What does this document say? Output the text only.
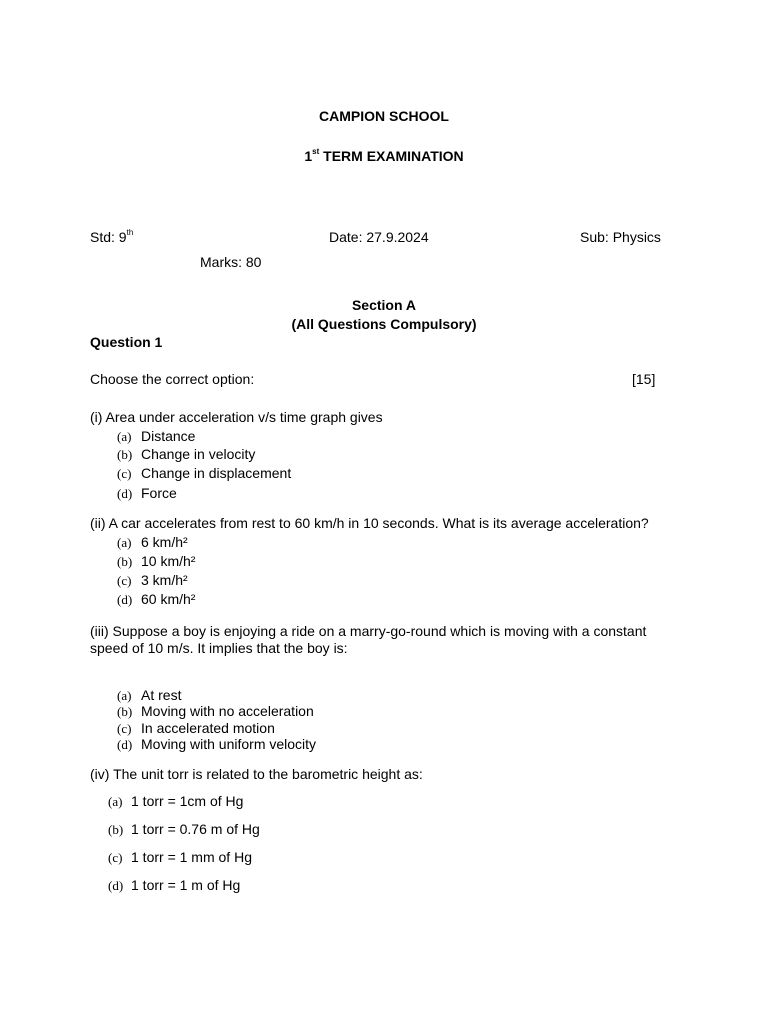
CAMPION SCHOOL
1st TERM EXAMINATION
Std: 9th	Date: 27.9.2024	Sub: Physics
Marks: 80
Section A
(All Questions Compulsory)
Question 1
Choose the correct option:	[15]
(i) Area under acceleration v/s time graph gives
(a) Distance
(b) Change in velocity
(c) Change in displacement
(d) Force
(ii) A car accelerates from rest to 60 km/h in 10 seconds. What is its average acceleration?
(a) 6 km/h²
(b) 10 km/h²
(c) 3 km/h²
(d) 60 km/h²
(iii) Suppose a boy is enjoying a ride on a marry-go-round which is moving with a constant speed of 10 m/s. It implies that the boy is:
(a) At rest
(b) Moving with no acceleration
(c) In accelerated motion
(d) Moving with uniform velocity
(iv) The unit torr is related to the barometric height as:
(a) 1 torr = 1cm of Hg
(b) 1 torr = 0.76 m of Hg
(c) 1 torr = 1 mm of Hg
(d) 1 torr = 1 m of Hg
